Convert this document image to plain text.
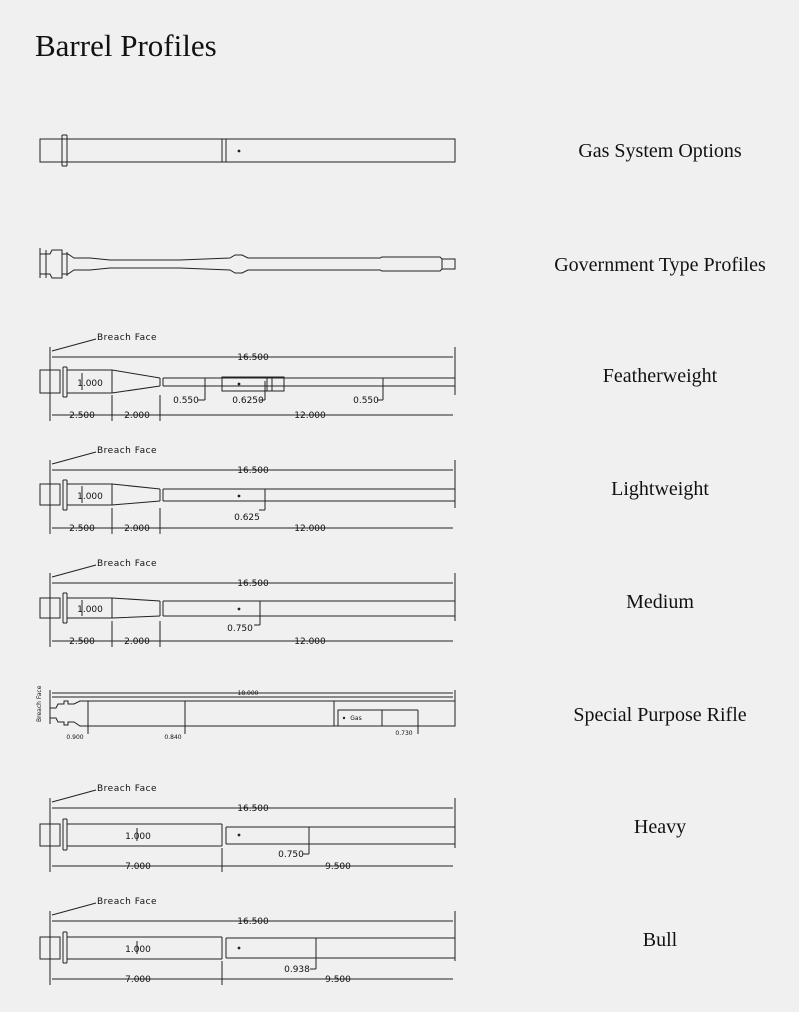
Barrel Profiles
Gas System Options
Government Type Profiles
Breach Face
16.500
1.000
0.550	0.6250	0.550
2.500	2.000	12.000
Featherweight
Breach Face
16.500
1.000
0.625
2.500	2.000	12.000
Lightweight
Breach Face
16.500
1.000
0.750
2.500	2.000	12.000
Medium
Breach Face	18.000
0.900	0.840
0.730
Gas	Special Purpose Rifle
Breach Face
16.500
1.000
0.750
7.000	9.500
Heavy
Breach Face
16.500
1.000
0.938
7.000	9.500
Bull
